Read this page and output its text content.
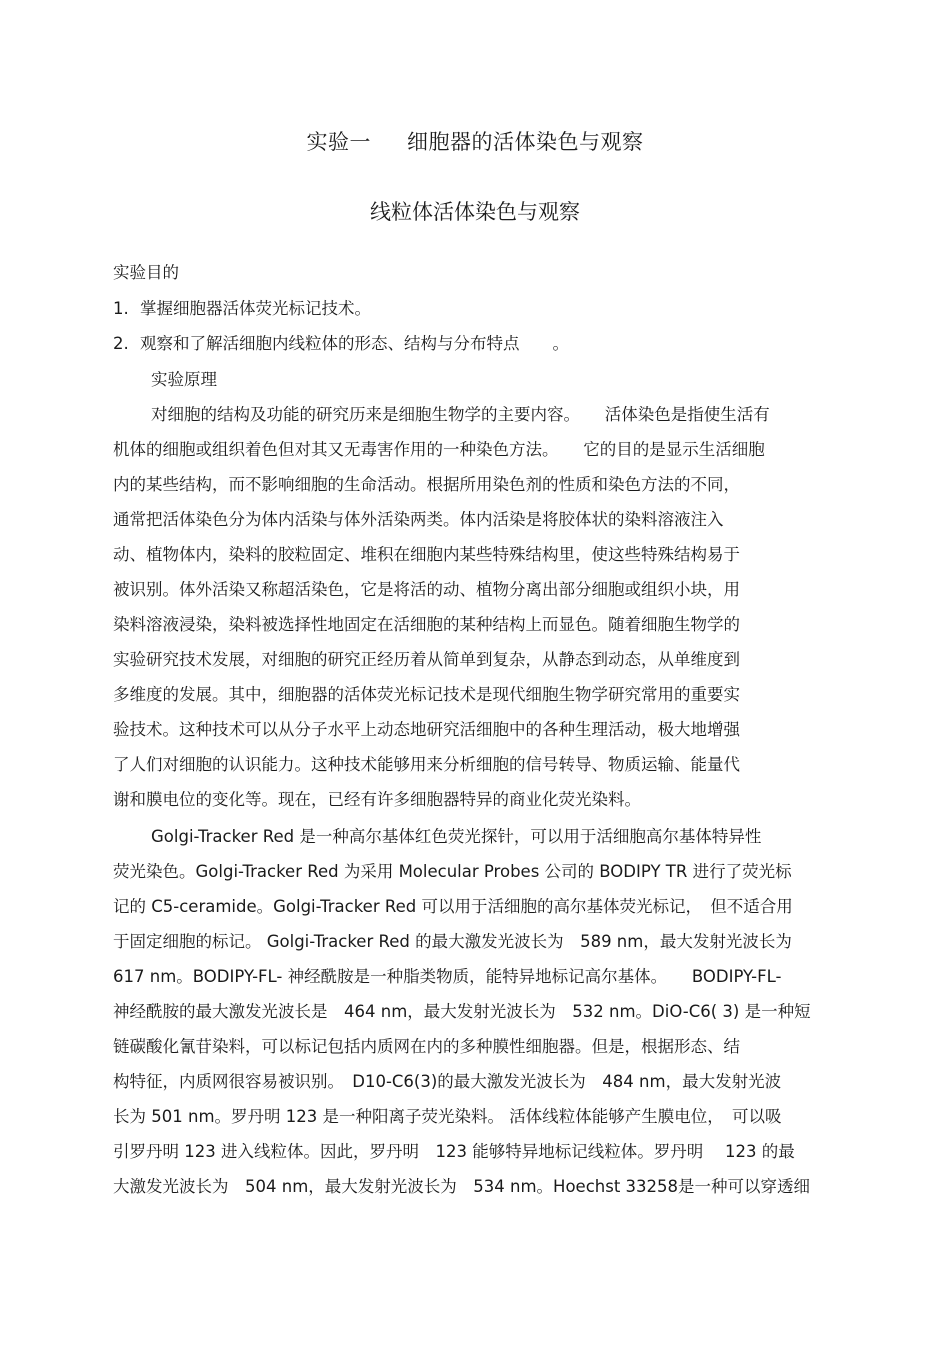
实验一 细胞器的活体染色与观察
线粒体活体染色与观察
实验目的
1. 掌握细胞器活体荧光标记技术。
2. 观察和了解活细胞内线粒体的形态、结构与分布特点　　。
实验原理
对细胞的结构及功能的研究历来是细胞生物学的主要内容。　　活体染色是指使生活有
机体的细胞或组织着色但对其又无毒害作用的一种染色方法。　　它的目的是显示生活细胞
内的某些结构，而不影响细胞的生命活动。根据所用染色剂的性质和染色方法的不同，
通常把活体染色分为体内活染与体外活染两类。体内活染是将胶体状的染料溶液注入
动、植物体内，染料的胶粒固定、堆积在细胞内某些特殊结构里，使这些特殊结构易于
被识别。体外活染又称超活染色，它是将活的动、植物分离出部分细胞或组织小块，用
染料溶液浸染，染料被选择性地固定在活细胞的某种结构上而显色。随着细胞生物学的
实验研究技术发展，对细胞的研究正经历着从简单到复杂，从静态到动态，从单维度到
多维度的发展。其中，细胞器的活体荧光标记技术是现代细胞生物学研究常用的重要实
验技术。这种技术可以从分子水平上动态地研究活细胞中的各种生理活动，极大地增强
了人们对细胞的认识能力。这种技术能够用来分析细胞的信号转导、物质运输、能量代
谢和膜电位的变化等。现在，已经有许多细胞器特异的商业化荧光染料。
Golgi-Tracker Red 是一种高尔基体红色荧光探针，可以用于活细胞高尔基体特异性
荧光染色。Golgi-Tracker Red 为采用 Molecular Probes 公司的 BODIPY TR 进行了荧光标
记的 C5-ceramide。Golgi-Tracker Red 可以用于活细胞的高尔基体荧光标记，　但不适合用
于固定细胞的标记。 Golgi-Tracker Red 的最大激发光波长为　589 nm，最大发射光波长为
617 nm。BODIPY-FL- 神经酰胺是一种脂类物质，能特异地标记高尔基体。　　BODIPY-FL-
神经酰胺的最大激发光波长是　464 nm，最大发射光波长为　532 nm。DiO-C6( 3) 是一种短
链碳酸化氰苷染料，可以标记包括内质网在内的多种膜性细胞器。但是，根据形态、结
构特征，内质网很容易被识别。　D10-C6(3)的最大激发光波长为　484 nm，最大发射光波
长为 501 nm。罗丹明 123 是一种阳离子荧光染料。 活体线粒体能够产生膜电位，　可以吸
引罗丹明 123 进入线粒体。因此，罗丹明　123 能够特异地标记线粒体。罗丹明　 123 的最
大激发光波长为　504 nm，最大发射光波长为　534 nm。Hoechst 33258是一种可以穿透细
